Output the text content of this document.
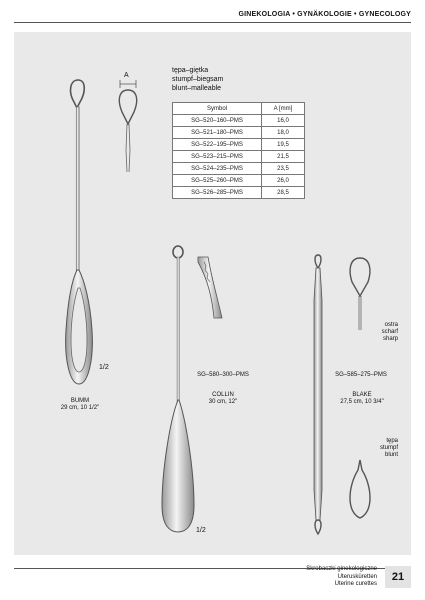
GINEKOLOGIA • GYNÄKOLOGIE • GYNECOLOGY
tępa–giętka
stumpf–biegsam
blunt–malleable
Symbol	A [mm]
SG–520–160–PMS	16,0
SG–521–180–PMS	18,0
SG–522–195–PMS	19,5
SG–523–215–PMS	21,5
SG–524–235–PMS	23,5
SG–525–260–PMS	26,0
SG–526–285–PMS	28,5
A
1/2
BUMM
29 cm, 10 1/2"
SG–580–300–PMS
COLLIN
30 cm, 12"
1/2
SG–585–275–PMS
BLAKE
27,5 cm, 10 3/4"
ostra
scharf
sharp
tępa
stumpf
blunt
Skrobaczki ginekologiczne
Uterusküretten
Uterine curettes
21
